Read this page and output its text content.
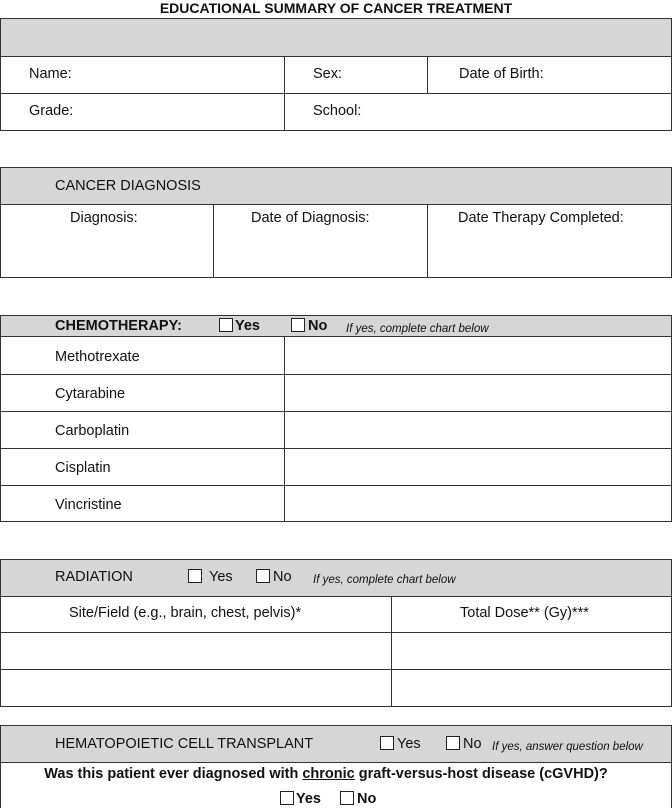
EDUCATIONAL SUMMARY OF CANCER TREATMENT
Name:	Sex:	Date of Birth:
Grade:	School:
CANCER DIAGNOSIS
Diagnosis:	Date of Diagnosis:	Date Therapy Completed:
CHEMOTHERAPY:	Yes	No If yes, complete chart below
Methotrexate
Cytarabine
Carboplatin
Cisplatin
Vincristine
RADIATION	Yes	No If yes, complete chart below
Site/Field (e.g., brain, chest, pelvis)*	Total Dose** (Gy)***
HEMATOPOIETIC CELL TRANSPLANT	Yes	No If yes, answer question below
Was this patient ever diagnosed with chronic graft-versus-host disease (cGVHD)?
Yes No
